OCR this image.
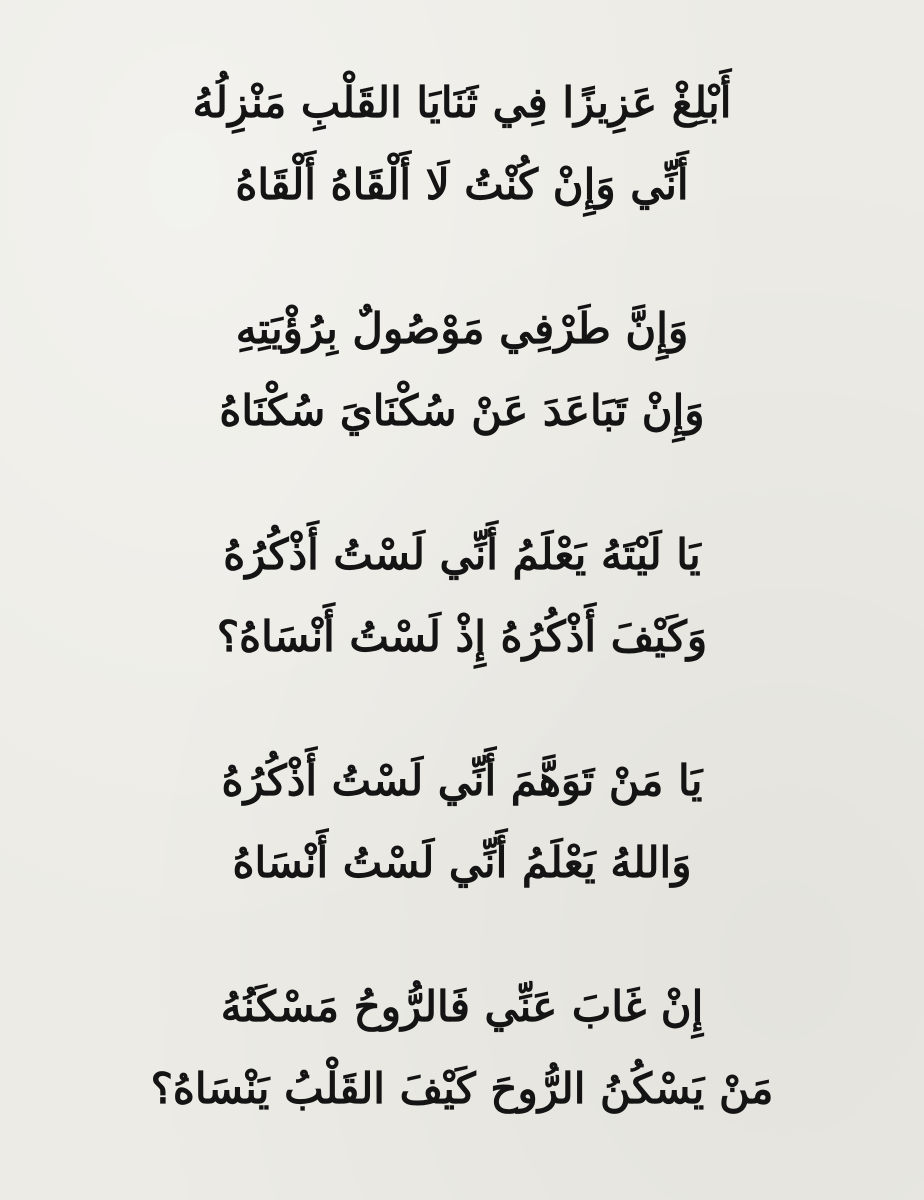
أَبْلِغْ عَزِيزًا فِي ثَنَايَا القَلْبِ مَنْزِلُهُ
أَنِّي وَإِنْ كُنْتُ لَا أَلْقَاهُ أَلْقَاهُ
وَإِنَّ طَرْفِي مَوْصُولٌ بِرُؤْيَتِهِ
وَإِنْ تَبَاعَدَ عَنْ سُكْنَايَ سُكْنَاهُ
يَا لَيْتَهُ يَعْلَمُ أَنِّي لَسْتُ أَذْكُرُهُ
وَكَيْفَ أَذْكُرُهُ إِذْ لَسْتُ أَنْسَاهُ؟
يَا مَنْ تَوَهَّمَ أَنِّي لَسْتُ أَذْكُرُهُ
وَاللهُ يَعْلَمُ أَنِّي لَسْتُ أَنْسَاهُ
إِنْ غَابَ عَنِّي فَالرُّوحُ مَسْكَنُهُ
مَنْ يَسْكُنُ الرُّوحَ كَيْفَ القَلْبُ يَنْسَاهُ؟
